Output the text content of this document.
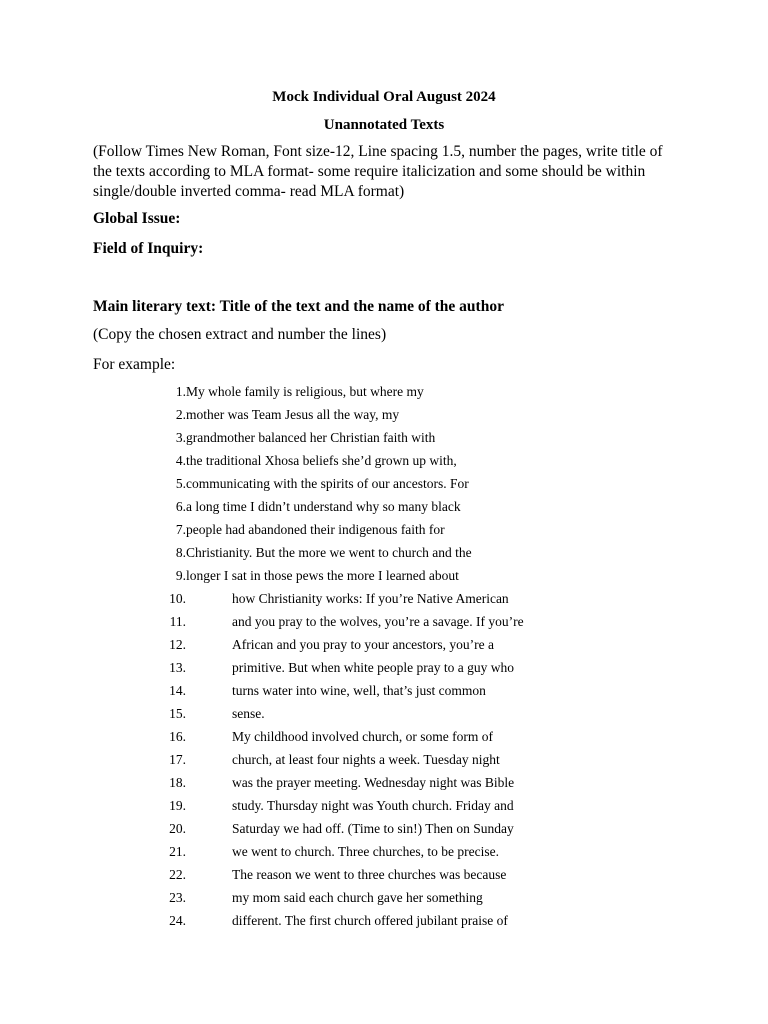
Mock Individual Oral August 2024
Unannotated Texts
(Follow Times New Roman, Font size-12, Line spacing 1.5, number the pages, write title of the texts according to MLA format- some require italicization and some should be within single/double inverted comma- read MLA format)
Global Issue:
Field of Inquiry:
Main literary text: Title of the text and the name of the author
(Copy the chosen extract and number the lines)
For example:
1. My whole family is religious, but where my
2. mother was Team Jesus all the way, my
3. grandmother balanced her Christian faith with
4. the traditional Xhosa beliefs she’d grown up with,
5. communicating with the spirits of our ancestors. For
6. a long time I didn’t understand why so many black
7. people had abandoned their indigenous faith for
8. Christianity. But the more we went to church and the
9. longer I sat in those pews the more I learned about
10.	how Christianity works: If you’re Native American
11.	and you pray to the wolves, you’re a savage. If you’re
12.	African and you pray to your ancestors, you’re a
13.	primitive. But when white people pray to a guy who
14.	turns water into wine, well, that’s just common
15.	sense.
16.	My childhood involved church, or some form of
17.	church, at least four nights a week. Tuesday night
18.	was the prayer meeting. Wednesday night was Bible
19.	study. Thursday night was Youth church. Friday and
20.	Saturday we had off. (Time to sin!) Then on Sunday
21.	we went to church. Three churches, to be precise.
22.	The reason we went to three churches was because
23.	my mom said each church gave her something
24.	different. The first church offered jubilant praise of
